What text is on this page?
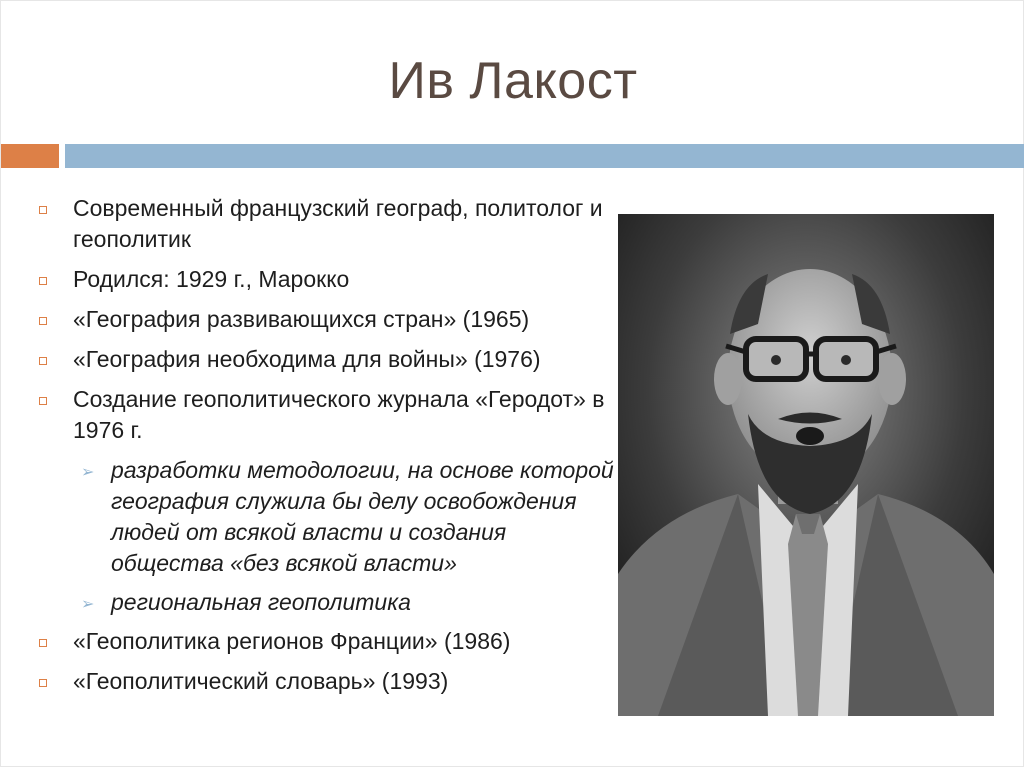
Ив Лакост
Современный французский географ, политолог и геополитик
Родился: 1929 г., Марокко
«География развивающихся стран» (1965)
«География необходима для войны» (1976)
Создание геополитического журнала «Геродот» в 1976 г.
➢ разработки методологии, на основе которой география служила бы делу освобождения людей от всякой власти и создания общества «без всякой власти»
➢ региональная геополитика
«Геополитика регионов Франции» (1986)
«Геополитический словарь» (1993)
